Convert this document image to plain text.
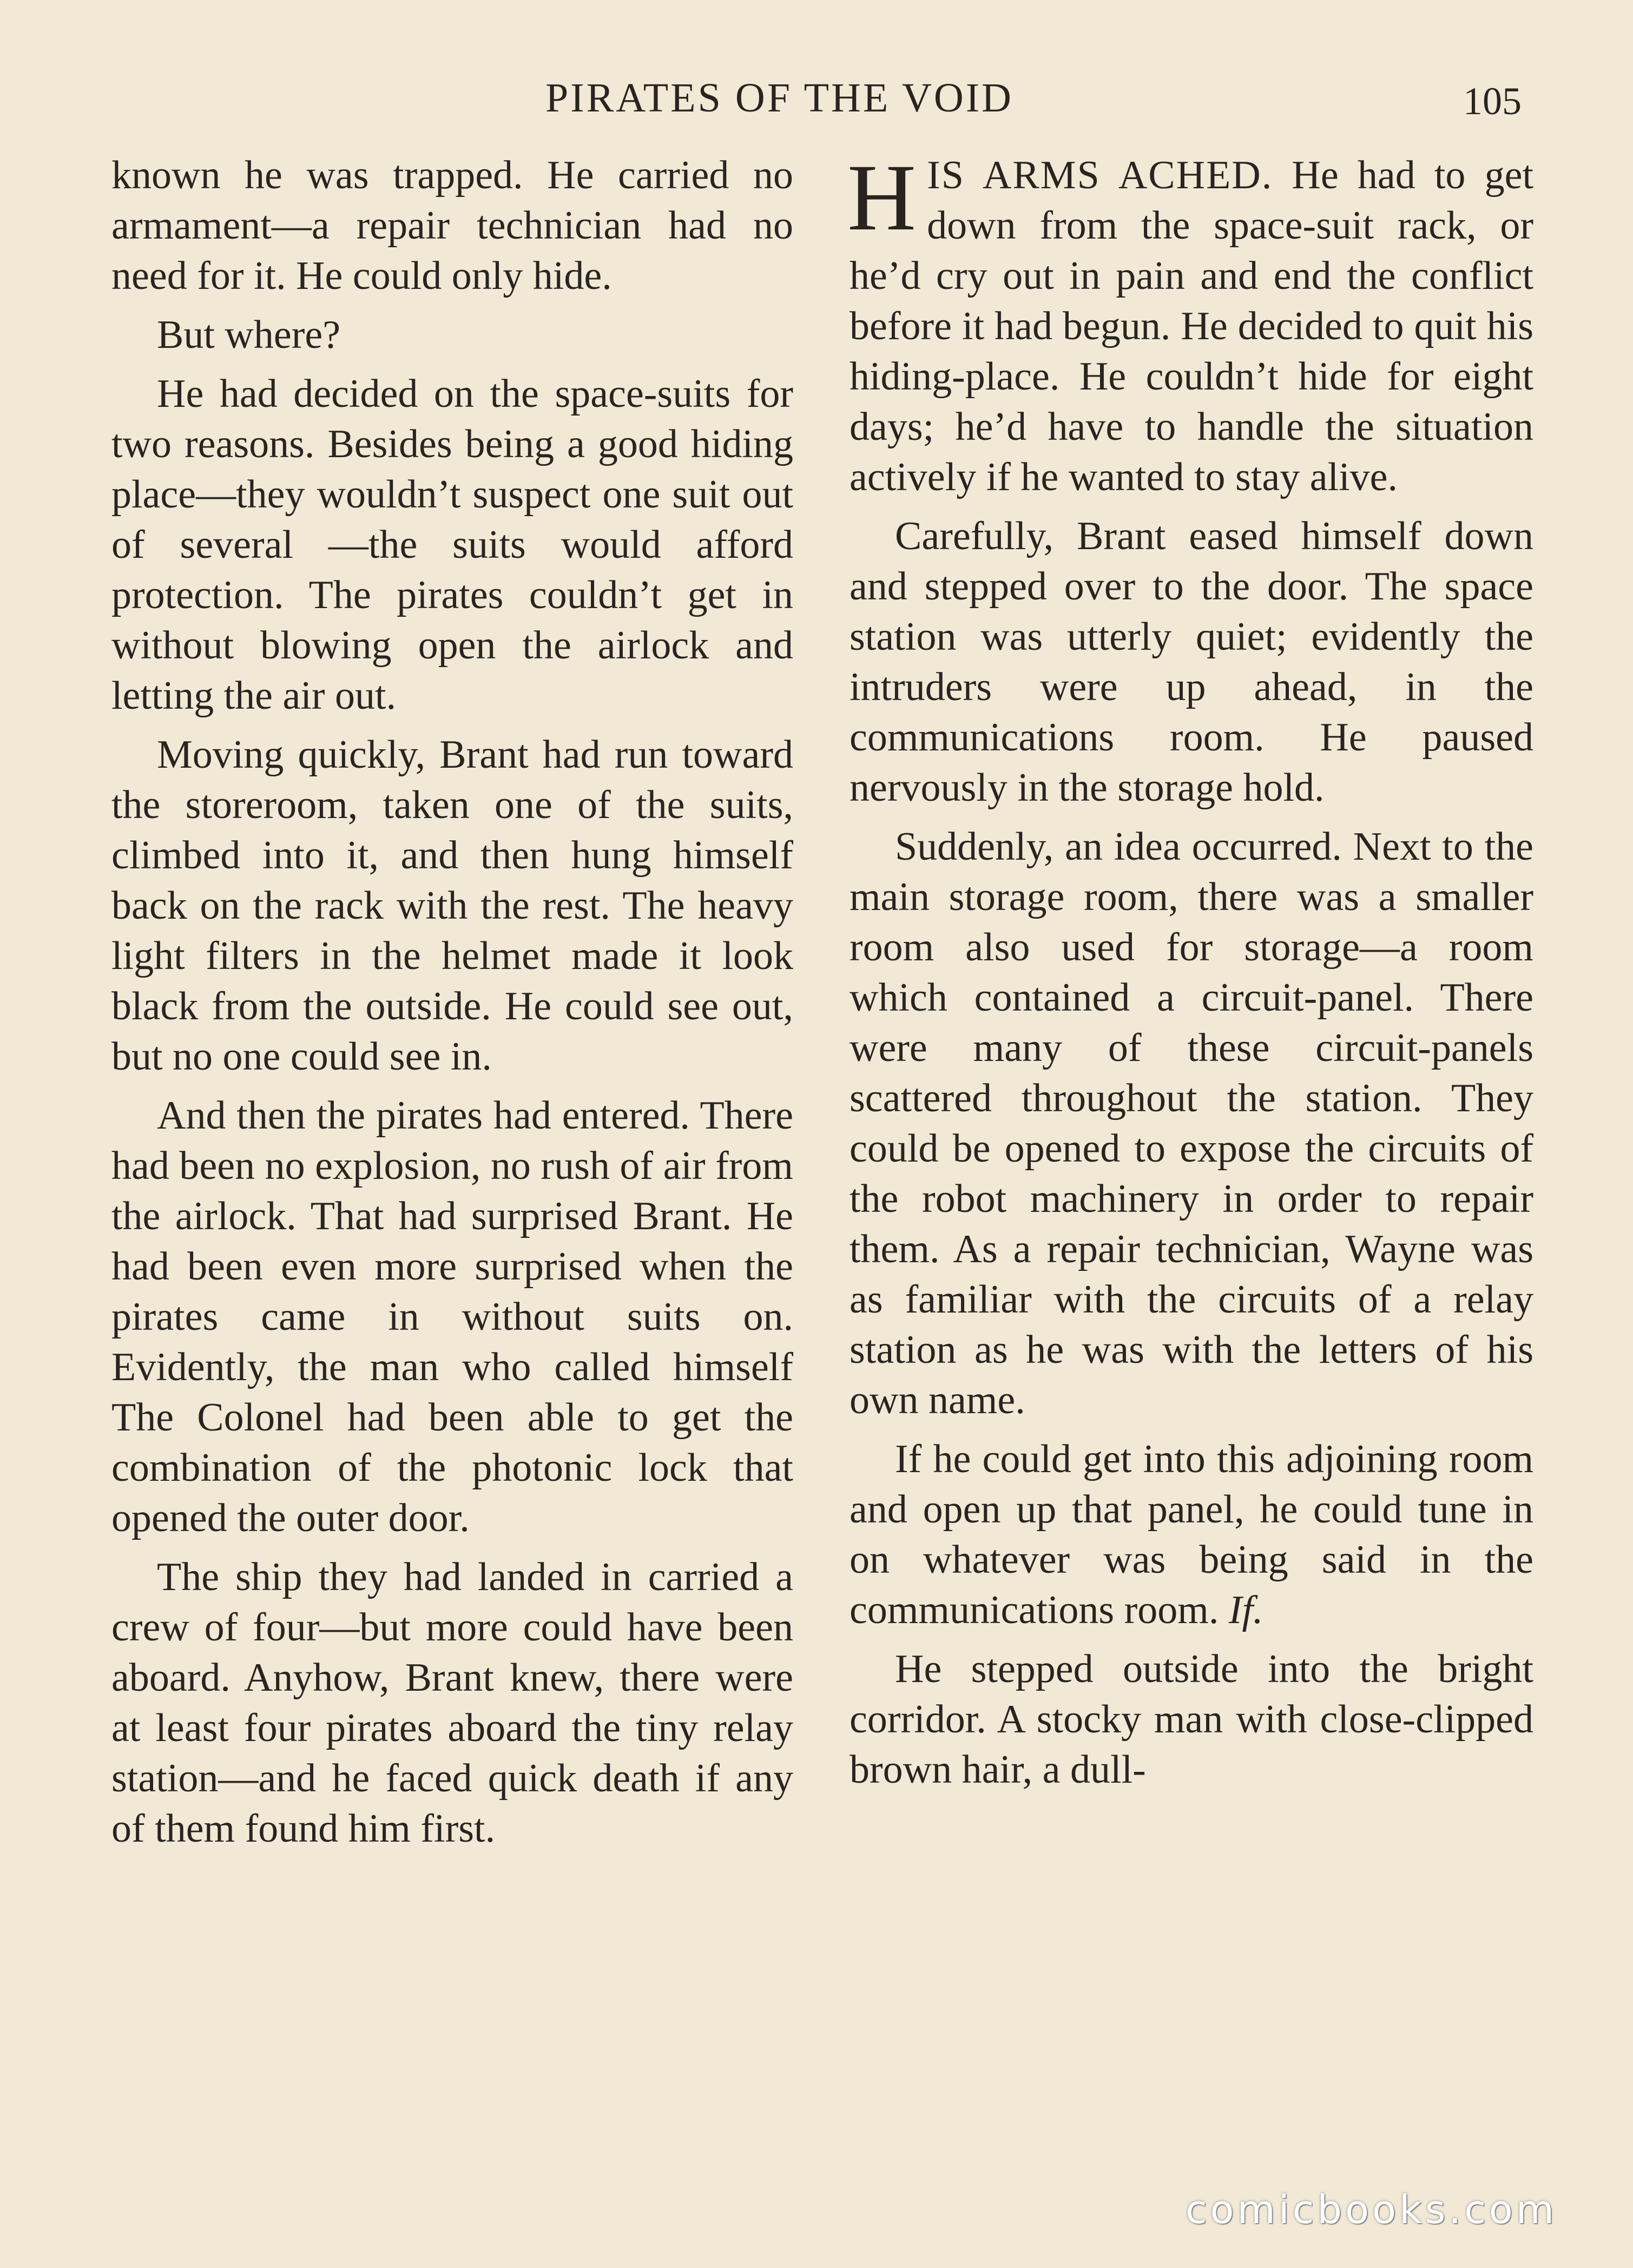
PIRATES OF THE VOID	105

known he was trapped. He carried no armament—a repair technician had no need for it. He could only hide.

But where?

He had decided on the space-suits for two reasons. Besides being a good hiding place—they wouldn’t suspect one suit out of several —the suits would afford protection. The pirates couldn’t get in without blowing open the airlock and letting the air out.

Moving quickly, Brant had run toward the storeroom, taken one of the suits, climbed into it, and then hung himself back on the rack with the rest. The heavy light filters in the helmet made it look black from the outside. He could see out, but no one could see in.

And then the pirates had entered. There had been no explosion, no rush of air from the airlock. That had surprised Brant. He had been even more surprised when the pirates came in without suits on. Evidently, the man who called himself The Colonel had been able to get the combination of the photonic lock that opened the outer door.

The ship they had landed in carried a crew of four—but more could have been aboard. Anyhow, Brant knew, there were at least four pirates aboard the tiny relay station—and he faced quick death if any of them found him first.

HIS ARMS ACHED. He had to get down from the space-suit rack, or he’d cry out in pain and end the conflict before it had begun. He decided to quit his hiding-place. He couldn’t hide for eight days; he’d have to handle the situation actively if he wanted to stay alive.

Carefully, Brant eased himself down and stepped over to the door. The space station was utterly quiet; evidently the intruders were up ahead, in the communications room. He paused nervously in the storage hold.

Suddenly, an idea occurred. Next to the main storage room, there was a smaller room also used for storage—a room which contained a circuit-panel. There were many of these circuit-panels scattered throughout the station. They could be opened to expose the circuits of the robot machinery in order to repair them. As a repair technician, Wayne was as familiar with the circuits of a relay station as he was with the letters of his own name.

If he could get into this adjoining room and open up that panel, he could tune in on whatever was being said in the communications room. If.

He stepped outside into the bright corridor. A stocky man with close-clipped brown hair, a dull-

comicbooks.com
